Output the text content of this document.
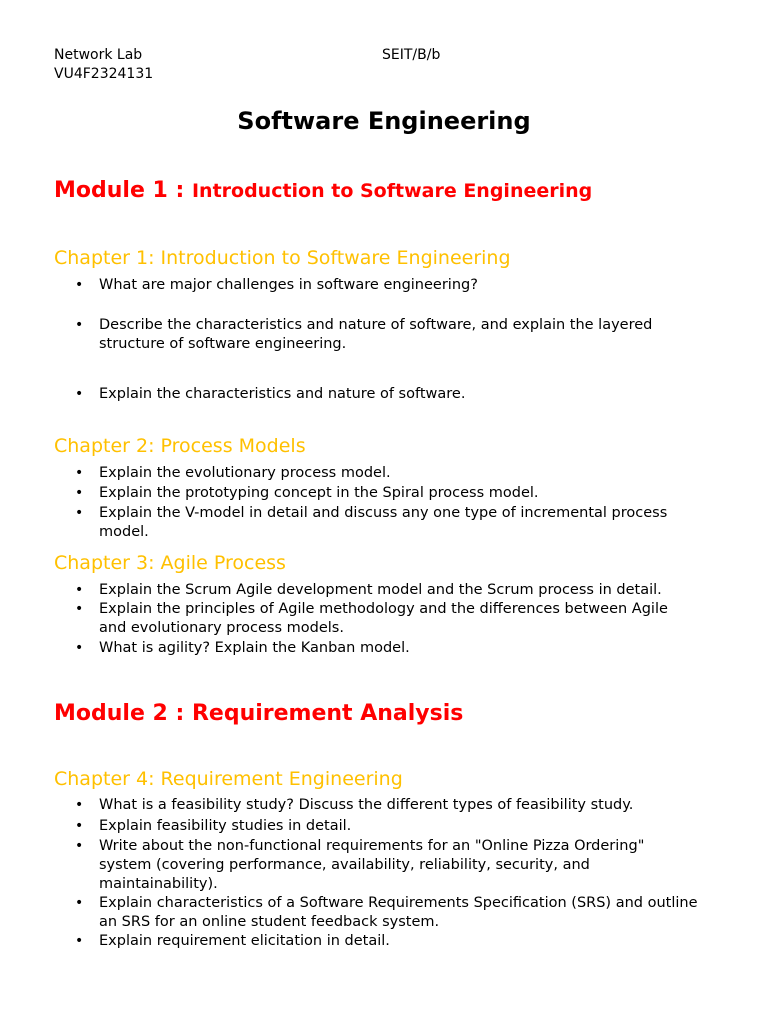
Network Lab
VU4F2324131
SEIT/B/b
Software Engineering
Module 1 : Introduction to Software Engineering
Chapter 1: Introduction to Software Engineering
• What are major challenges in software engineering?
• Describe the characteristics and nature of software, and explain the layered structure of software engineering.
• Explain the characteristics and nature of software.
Chapter 2: Process Models
• Explain the evolutionary process model.
• Explain the prototyping concept in the Spiral process model.
• Explain the V-model in detail and discuss any one type of incremental process model.
Chapter 3: Agile Process
• Explain the Scrum Agile development model and the Scrum process in detail.
• Explain the principles of Agile methodology and the differences between Agile and evolutionary process models.
• What is agility? Explain the Kanban model.
Module 2 : Requirement Analysis
Chapter 4: Requirement Engineering
• What is a feasibility study? Discuss the different types of feasibility study.
• Explain feasibility studies in detail.
• Write about the non-functional requirements for an "Online Pizza Ordering" system (covering performance, availability, reliability, security, and maintainability).
• Explain characteristics of a Software Requirements Specification (SRS) and outline an SRS for an online student feedback system.
• Explain requirement elicitation in detail.
